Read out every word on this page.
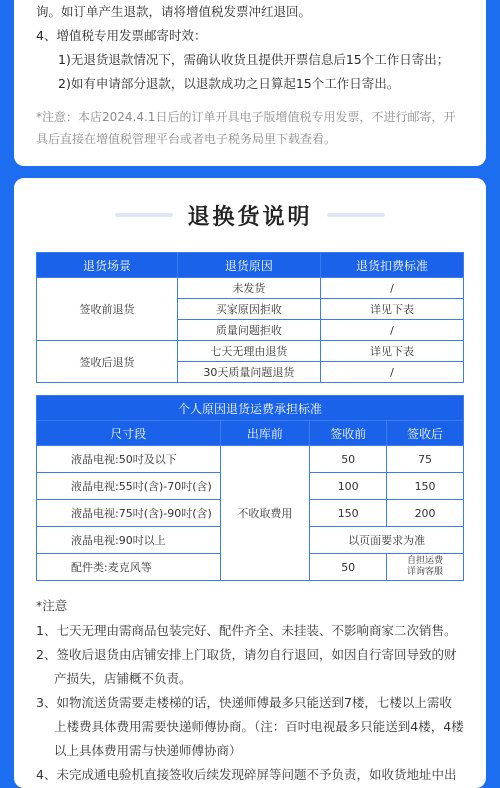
询。如订单产生退款，请将增值税发票冲红退回。

4、增值税专用发票邮寄时效：

1)无退货退款情况下，需确认收货且提供开票信息后15个工作日寄出；

2)如有申请部分退款，以退款成功之日算起15个工作日寄出。

*注意：本店2024.4.1日后的订单开具电子版增值税专用发票，不进行邮寄，开具后直接在增值税管理平台或者电子税务局里下载查看。

退换货说明
退货场景	退货原因	退货扣费标准
签收前退货	未发货	/
	买家原因拒收	详见下表
	质量问题拒收	/
签收后退货	七天无理由退货	详见下表
	30天质量问题退货	/
个人原因退货运费承担标准			
尺寸段	出库前	签收前	签收后
液晶电视:50吋及以下	不收取费用	50	75
液晶电视:55吋(含)-70吋(含)		100	150
液晶电视:75吋(含)-90吋(含)		150	200
液晶电视:90吋以上		以页面要求为准	
配件类:麦克风等		50	自担运费
详询客服

*注意

1、七天无理由需商品包装完好、配件齐全、未挂装、不影响商家二次销售。

2、签收后退货由店铺安排上门取货，请勿自行退回，如因自行寄回导致的财产损失，店铺概不负责。

3、如物流送货需要走楼梯的话，快递师傅最多只能送到7楼，七楼以上需收上楼费具体费用需要快递师傅协商。（注：百吋电视最多只能送到4楼，4楼以上具体费用需与快递师傅协商）

4、未完成通电验机直接签收后续发现碎屏等问题不予负责，如收货地址中出
